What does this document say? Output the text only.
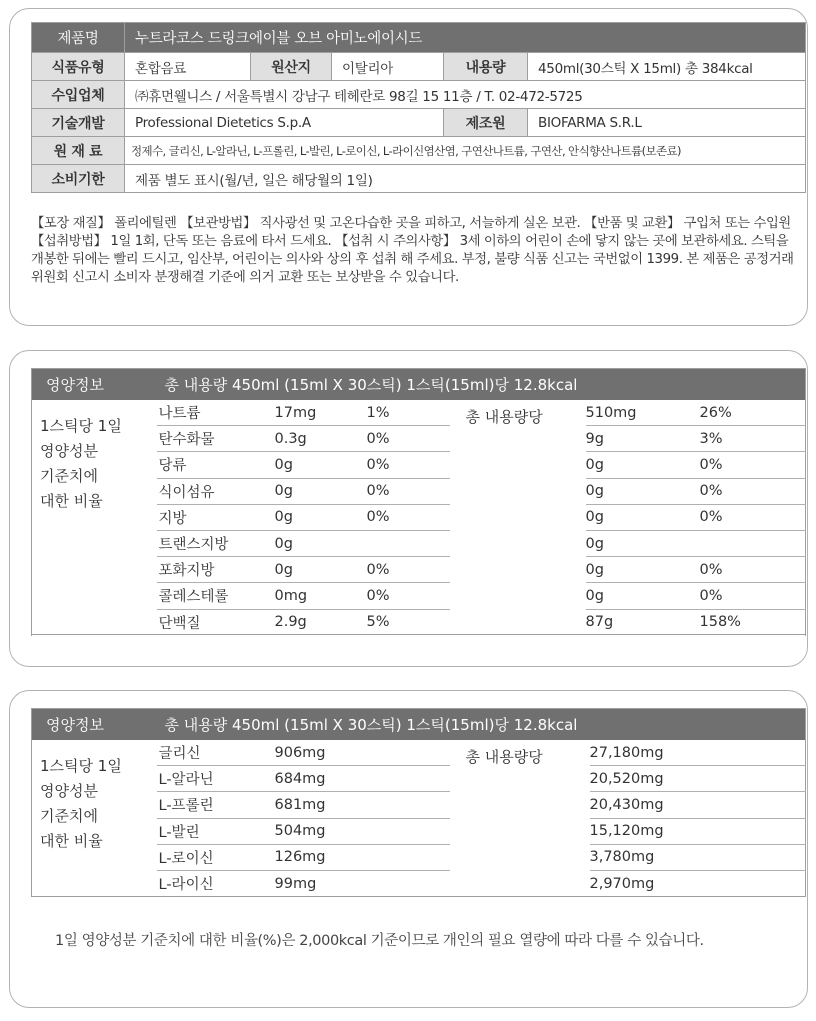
제품명	누트라코스 드링크에이블 오브 아미노에이시드				
식품유형	혼합음료	원산지	이탈리아	내용량	450ml(30스틱 X 15ml) 총 384kcal
수입업체	㈜휴먼웰니스 / 서울특별시 강남구 테헤란로 98길 15 11층 / T. 02-472-5725				
기술개발	Professional Dietetics S.p.A			제조원	BIOFARMA S.R.L
원 재 료	정제수, 글리신, L-알라닌, L-프롤린, L-발린, L-로이신, L-라이신염산염, 구연산나트륨, 구연산, 안식향산나트륨(보존료)				
소비기한	제품 별도 표시(월/년, 일은 해당월의 1일)				
【포장 재질】 폴리에틸렌 【보관방법】 직사광선 및 고온다습한 곳을 피하고, 서늘하게 실온 보관. 【반품 및 교환】 구입처 또는 수입원 【섭취방법】 1일 1회, 단독 또는 음료에 타서 드세요. 【섭취 시 주의사항】 3세 이하의 어린이 손에 닿지 않는 곳에 보관하세요. 스틱을 개봉한 뒤에는 빨리 드시고, 임산부, 어린이는 의사와 상의 후 섭취 해 주세요. 부정, 불량 식품 신고는 국번없이 1399. 본 제품은 공정거래 위원회 신고시 소비자 분쟁해결 기준에 의거 교환 또는 보상받을 수 있습니다.
영양정보	총 내용량 450ml (15ml X 30스틱) 1스틱(15ml)당 12.8kcal					

1스틱당 1일
영양성분
기준치에
대한 비율	나트륨	17mg	1%	총 내용량당	510mg	26%
	탄수화물	0.3g	0%		9g	3%
	당류	0g	0%		0g	0%
	식이섬유	0g	0%		0g	0%
	지방	0g	0%		0g	0%
	트랜스지방	0g			0g	
	포화지방	0g	0%		0g	0%
	콜레스테롤	0mg	0%		0g	0%
	단백질	2.9g	5%		87g	158%

영양정보	총 내용량 450ml (15ml X 30스틱) 1스틱(15ml)당 12.8kcal			

1스틱당 1일
영양성분
기준치에
대한 비율	글리신	906mg	총 내용량당	27,180mg
	L-알라닌	684mg		20,520mg
	L-프롤린	681mg		20,430mg
	L-발린	504mg		15,120mg
	L-로이신	126mg		3,780mg
	L-라이신	99mg		2,970mg

1일 영양성분 기준치에 대한 비율(%)은 2,000kcal 기준이므로 개인의 필요 열량에 따라 다를 수 있습니다.
